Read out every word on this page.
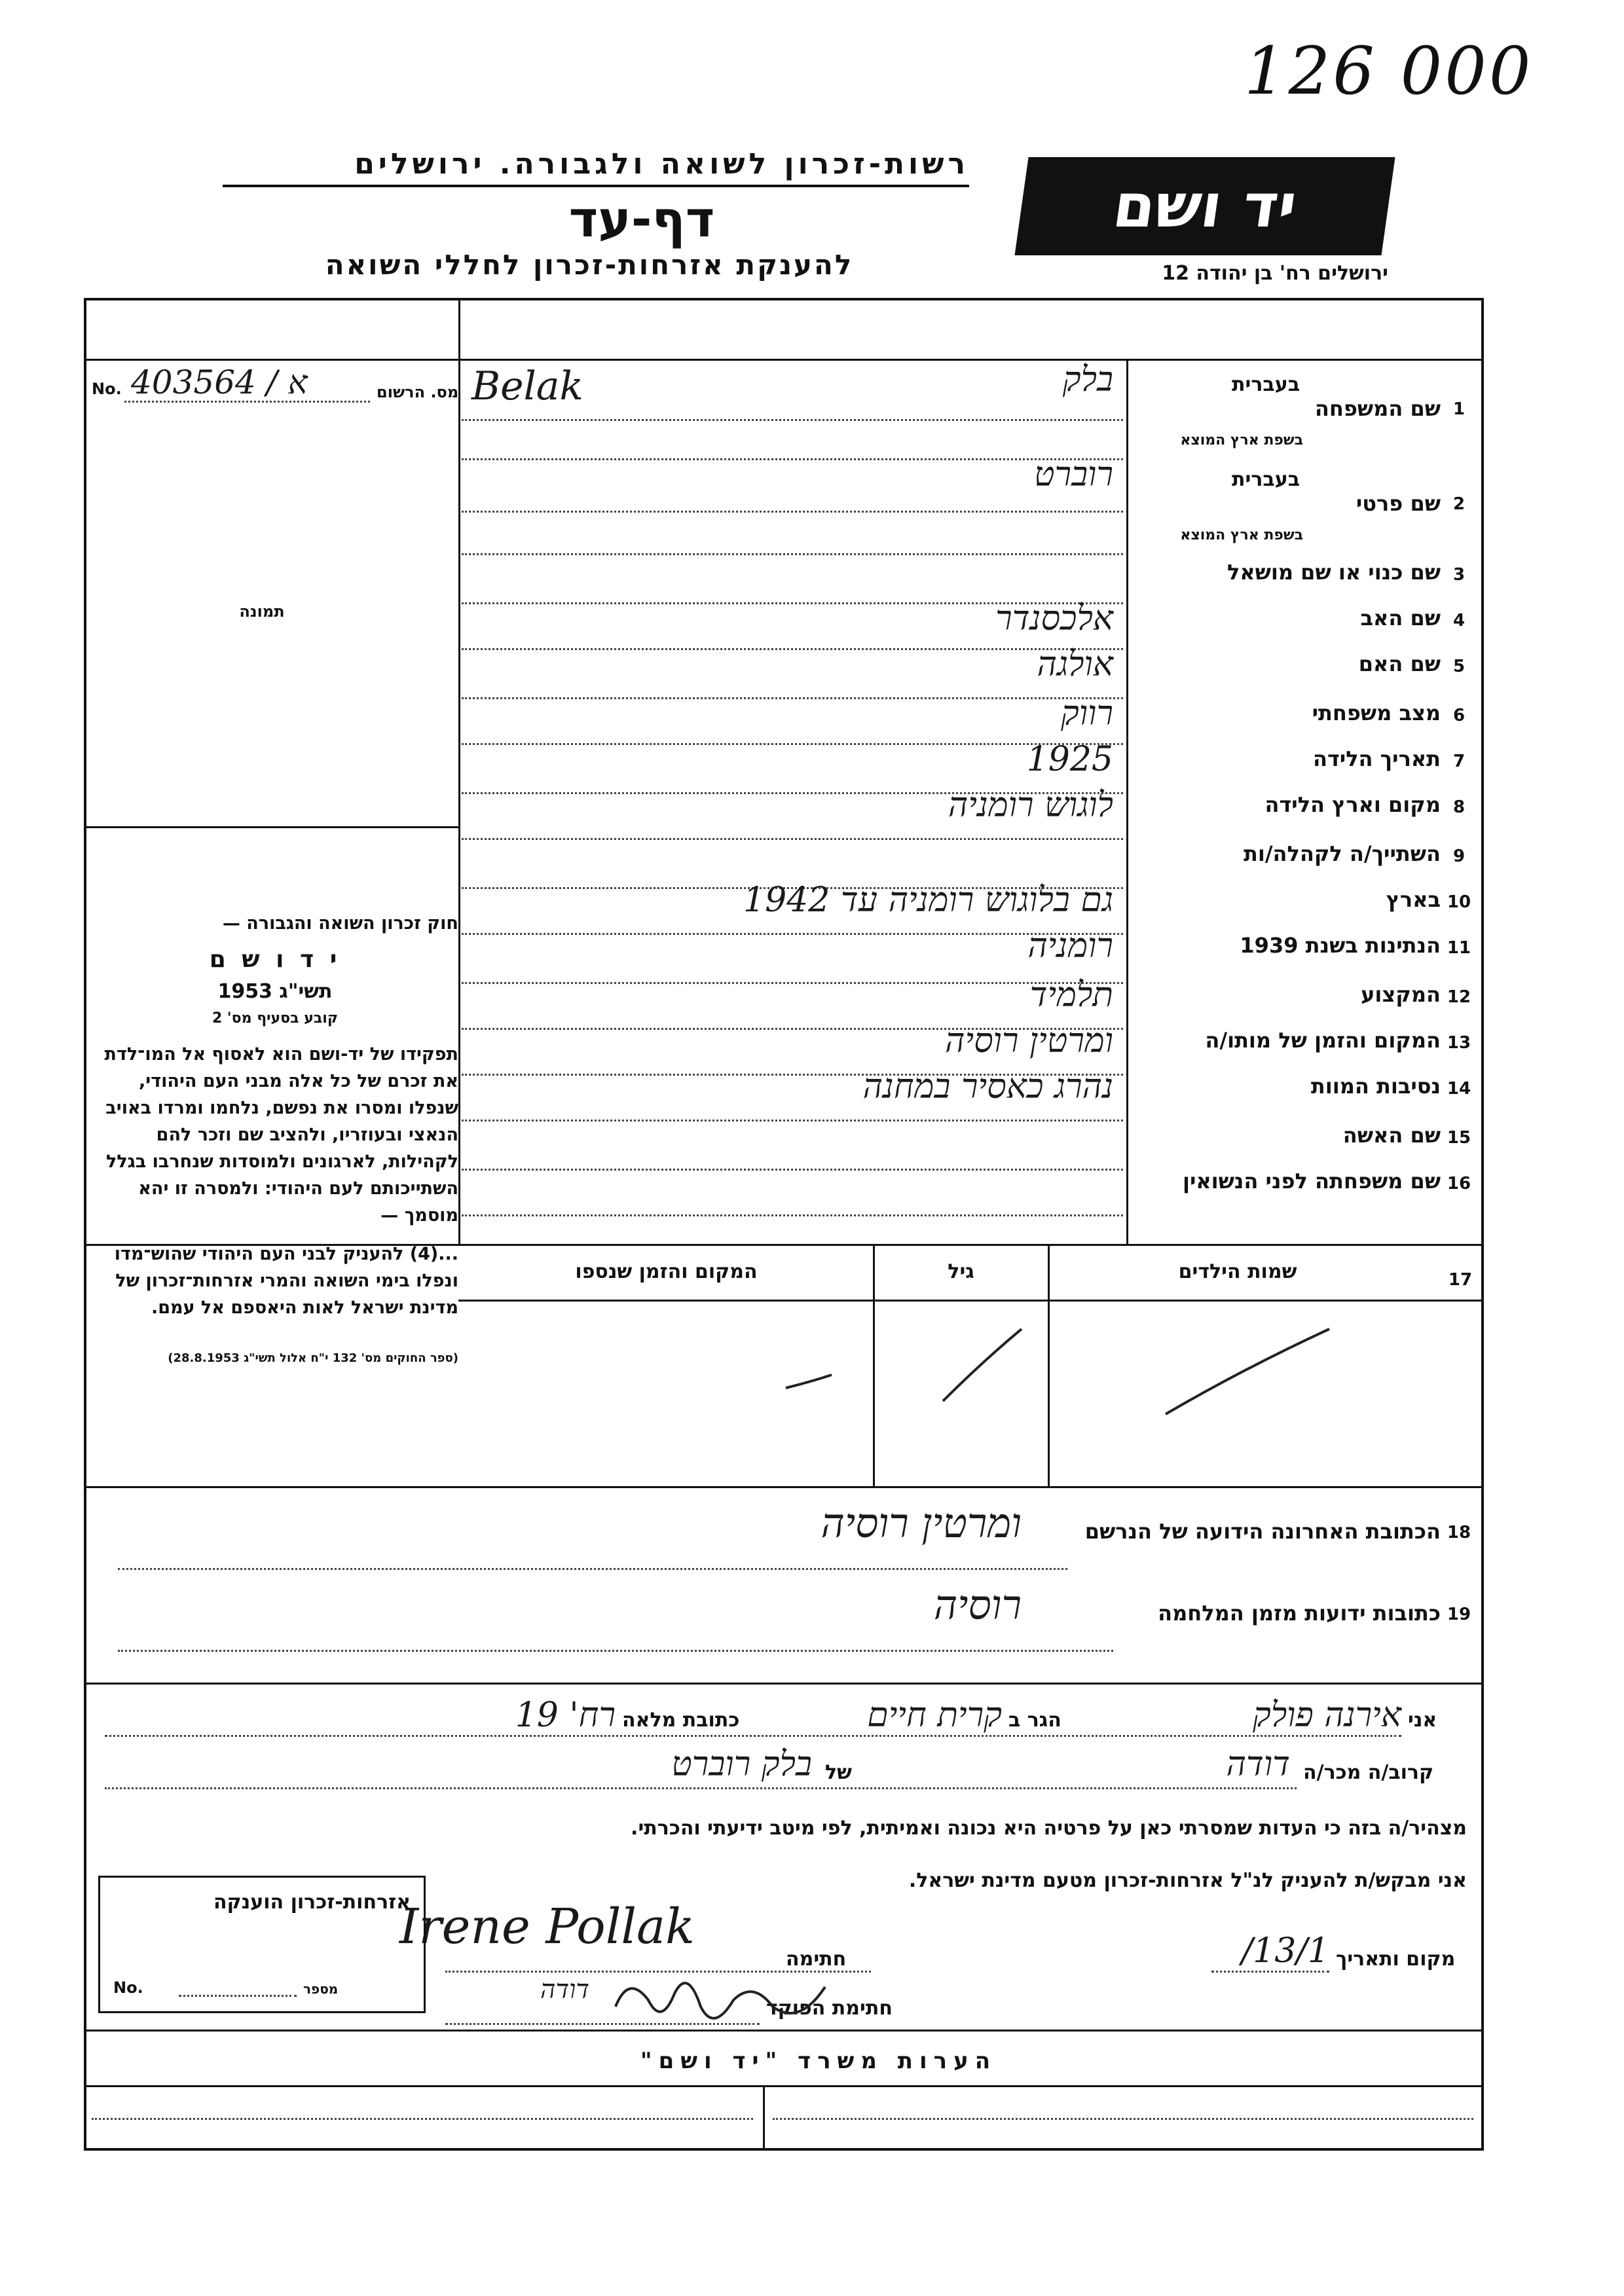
126 000
רשות-זכרון לשואה ולגבורה. ירושלים
דף-עד
להענקת אזרחות-זכרון לחללי השואה
יד ושם
ירושלים רח' בן יהודה 12
No. 403564 / א	מס. הרשום
תמונה
חוק זכרון השואה והגבורה —
י ד ו ש ם
תשי"ג 1953
קובע בסעיף מס' 2
תפקידו של יד-ושם הוא לאסוף אל המו־לדת את זכרם של כל אלה מבני העם היהודי, שנפלו ומסרו את נפשם, נלחמו ומרדו באויב הנאצי ובעוזריו, ולהציב שם וזכר להם לקהילות, לארגונים ולמוסדות שנחרבו בגלל השתייכותם לעם היהודי: ולמסרה זו יהא מוסמך —
...(4) להעניק לבני העם היהודי שהוש־מדו ונפלו בימי השואה והמרי אזרחות־זכרון של מדינת ישראל לאות היאספם אל עמם.
(ספר החוקים מס' 132 י"ח אלול תשי"ג 28.8.1953)
1
שם המשפחה
בעברית
בשפת ארץ המוצא
בלק
Belak
2
שם פרטי
בעברית
בשפת ארץ המוצא
רוברט
3
שם כנוי או שם מושאל
4
שם האב
אלכסנדר
5
שם האם
אולגה
6
מצב משפחתי
רווק
7
תאריך הלידה
1925
8
מקום וארץ הלידה
לוגוש רומניה
9
השתייך/ה לקהלה/ות
10
בארץ
גם בלוגוש רומניה עד 1942
11
הנתינות בשנת 1939
רומניה
12
המקצוע
תלמיד
13
המקום והזמן של מותו/ה
ומרטין רוסיה
14
נסיבות המוות
נהרג כאסיר במחנה
15
שם האשה
16
שם משפחתה לפני הנשואין
17
שמות הילדים
גיל
המקום והזמן שנספו
18
הכתובת האחרונה הידועה של הנרשם
ומרטין רוסיה
19
כתובות ידועות מזמן המלחמה
רוסיה
אני
אירנה פולק
הגר ב
קרית חיים
כתובת מלאה
רח' 19
קרוב/ה מכר/ה
דודה
של
בלק רוברט
מצהיר/ה בזה כי העדות שמסרתי כאן על פרטיה היא נכונה ואמיתית, לפי מיטב ידיעתי והכרתי.
אני מבקש/ת להעניק לנ"ל אזרחות-זכרון מטעם מדינת ישראל.
מקום ותאריך
13/1/
חתימה
Irene Pollak
חתימת הפוקד
דודה
אזרחות-זכרון הוענקה
No.	מספר
הערות משרד "יד ושם"
